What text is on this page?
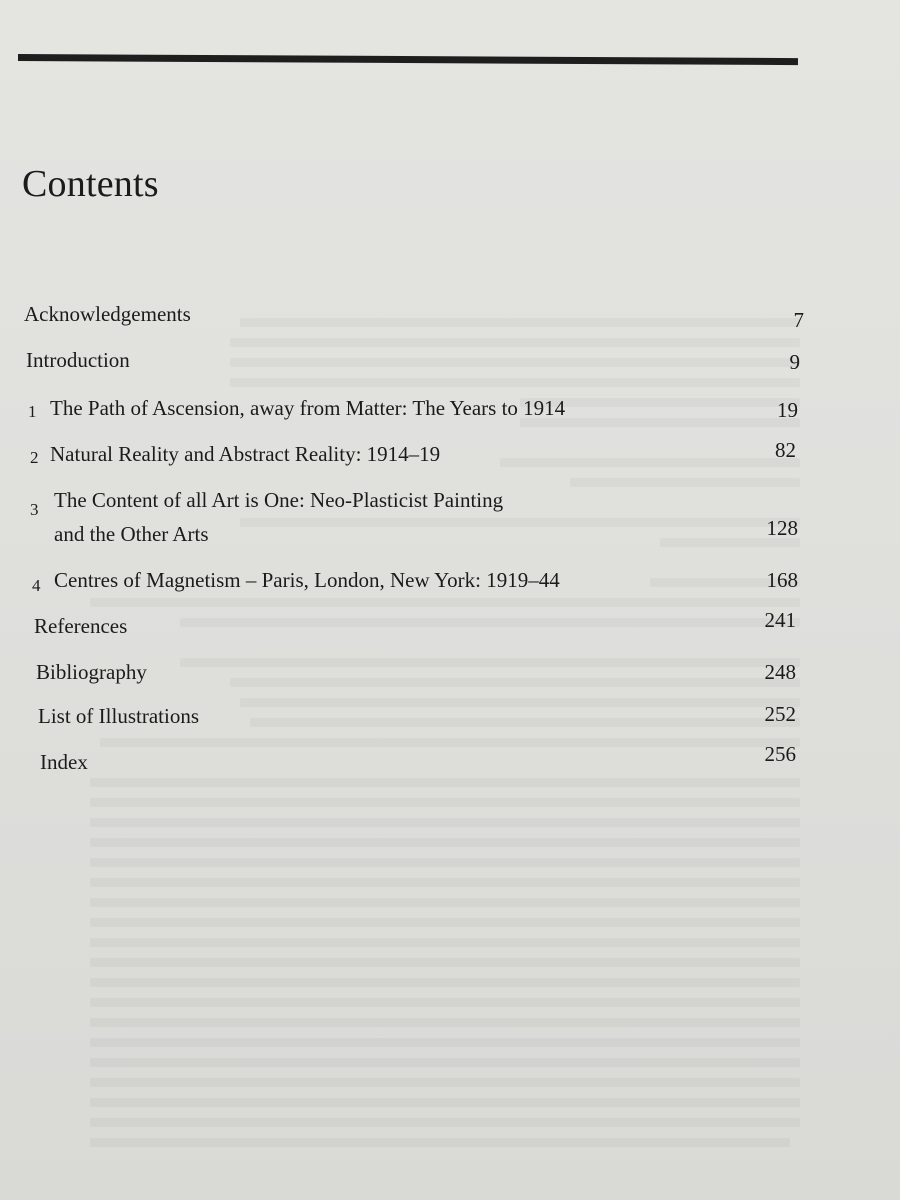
Contents
Acknowledgements	7
Introduction	9
1 The Path of Ascension, away from Matter: The Years to 1914	19
2 Natural Reality and Abstract Reality: 1914–19	82
3 The Content of all Art is One: Neo-Plasticist Painting
and the Other Arts	128
4 Centres of Magnetism – Paris, London, New York: 1919–44	168
References	241
Bibliography	248
List of Illustrations	252
Index	256
